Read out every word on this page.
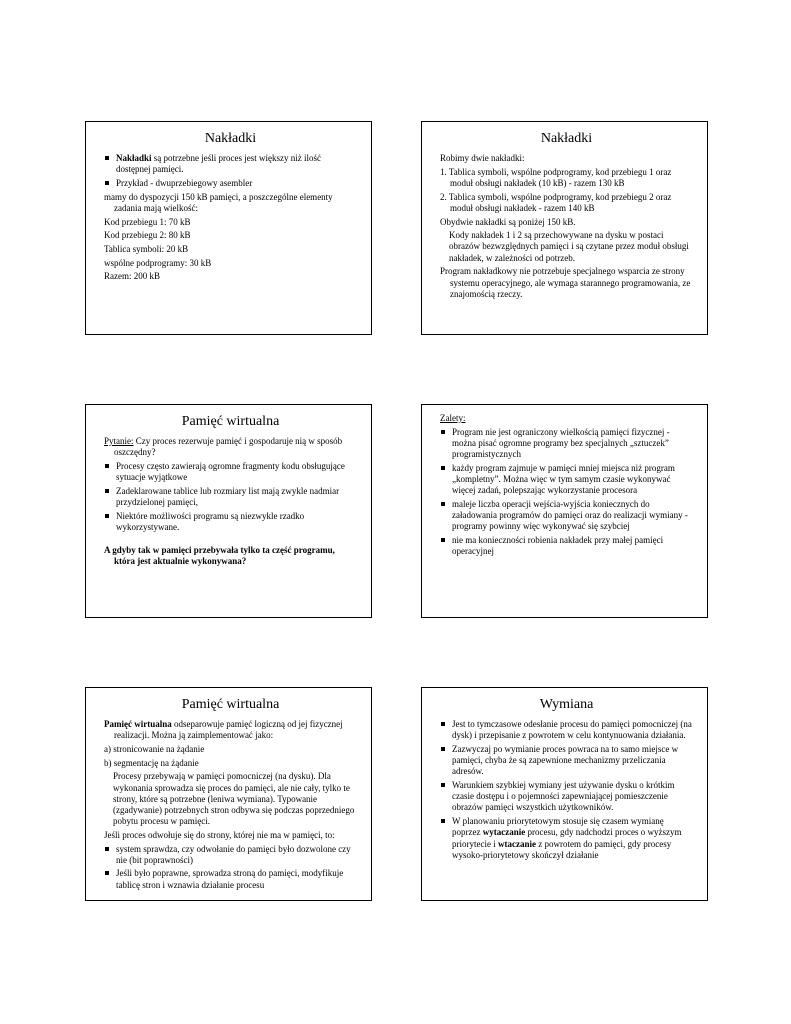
Nakładki
Nakładki są potrzebne jeśli proces jest większy niż ilość dostępnej pamięci.
Przykład - dwuprzebiegowy asembler
mamy do dyspozycji 150 kB pamięci, a poszczególne elementy zadania mają wielkość:
Kod przebiegu 1: 70 kB
Kod przebiegu 2: 80 kB
Tablica symboli: 20 kB
wspólne podprogramy: 30 kB
Razem: 200 kB
Nakładki
Robimy dwie nakładki:
1. Tablica symboli, wspólne podprogramy, kod przebiegu 1 oraz moduł obsługi nakładek (10 kB) - razem 130 kB
2. Tablica symboli, wspólne podprogramy, kod przebiegu 2 oraz moduł obsługi nakładek - razem 140 kB
Obydwie nakładki są poniżej 150 kB.
Kody nakładek 1 i 2 są przechowywane na dysku w postaci obrazów bezwzględnych pamięci i są czytane przez moduł obsługi nakładek, w zależności od potrzeb.
Program nakładkowy nie potrzebuje specjalnego wsparcia ze strony systemu operacyjnego, ale wymaga starannego programowania, ze znajomością rzeczy.
Pamięć wirtualna
Pytanie: Czy proces rezerwuje pamięć i gospodaruje nią w sposób oszczędny?
Procesy często zawierają ogromne fragmenty kodu obsługujące sytuacje wyjątkowe
Zadeklarowane tablice lub rozmiary list mają zwykle nadmiar przydzielonej pamięci,
Niektóre możliwości programu są niezwykle rzadko wykorzystywane.
A gdyby tak w pamięci przebywała tylko ta część programu, która jest aktualnie wykonywana?
Zalety:
Program nie jest ograniczony wielkością pamięci fizycznej - można pisać ogromne programy bez specjalnych „sztuczek” programistycznych
każdy program zajmuje w pamięci mniej miejsca niż program „kompletny”. Można więc w tym samym czasie wykonywać więcej zadań, polepszając wykorzystanie procesora
maleje liczba operacji wejścia-wyjścia koniecznych do załadowania programów do pamięci oraz do realizacji wymiany - programy powinny więc wykonywać się szybciej
nie ma konieczności robienia nakładek przy małej pamięci operacyjnej
Pamięć wirtualna
Pamięć wirtualna odseparowuje pamięć logiczną od jej fizycznej realizacji. Można ją zaimplementować jako:
a) stronicowanie na żądanie
b) segmentację na żądanie
Procesy przebywają w pamięci pomocniczej (na dysku). Dla wykonania sprowadza się proces do pamięci, ale nie cały, tylko te strony, które są potrzebne (leniwa wymiana). Typowanie (zgadywanie) potrzebnych stron odbywa się podczas poprzedniego pobytu procesu w pamięci.
Jeśli proces odwołuje się do strony, której nie ma w pamięci, to:
system sprawdza, czy odwołanie do pamięci było dozwolone czy nie (bit poprawności)
Jeśli było poprawne, sprowadza stroną do pamięci, modyfikuje tablicę stron i wznawia działanie procesu
Wymiana
Jest to tymczasowe odesłanie procesu do pamięci pomocniczej (na dysk) i przepisanie z powrotem w celu kontynuowania działania.
Zazwyczaj po wymianie proces powraca na to samo miejsce w pamięci, chyba że są zapewnione mechanizmy przeliczania adresów.
Warunkiem szybkiej wymiany jest używanie dysku o krótkim czasie dostępu i o pojemności zapewniającej pomieszczenie obrazów pamięci wszystkich użytkowników.
W planowaniu priorytetowym stosuje się czasem wymianę poprzez wytaczanie procesu, gdy nadchodzi proces o wyższym priorytecie i wtaczanie z powrotem do pamięci, gdy procesy wysoko-priorytetowy skończył działanie
